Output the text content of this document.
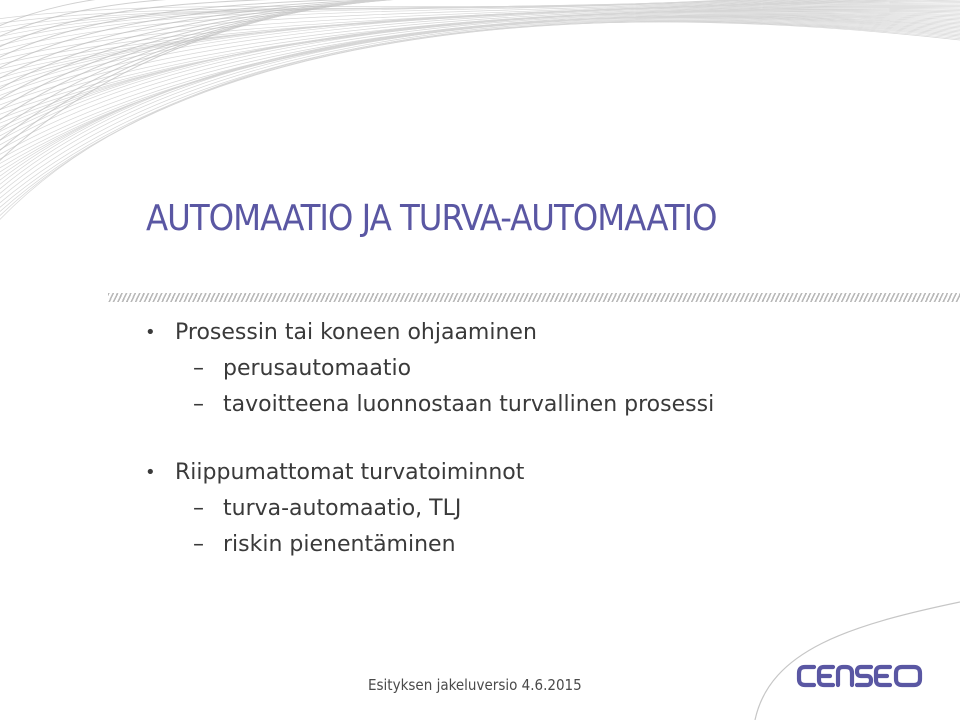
AUTOMAATIO JA TURVA-AUTOMAATIO
• Prosessin tai koneen ohjaaminen
– perusautomaatio
– tavoitteena luonnostaan turvallinen prosessi
• Riippumattomat turvatoiminnot
– turva-automaatio, TLJ
– riskin pienentäminen
Esityksen jakeluversio 4.6.2015
